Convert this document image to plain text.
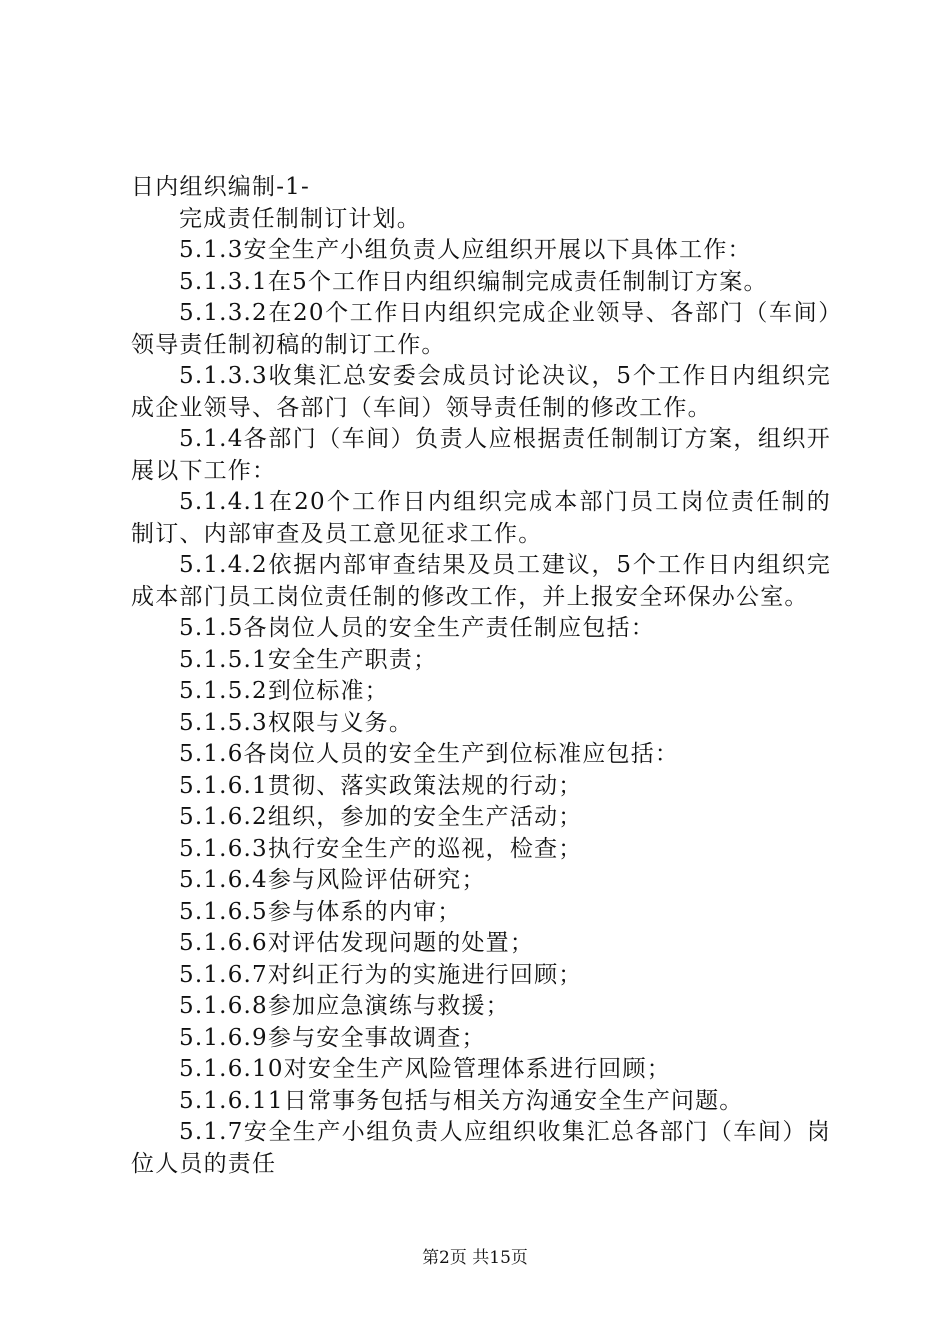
日内组织编制-1-

完成责任制制订计划。

5.1.3安全生产小组负责人应组织开展以下具体工作：

5.1.3.1在5个工作日内组织编制完成责任制制订方案。

5.1.3.2在20个工作日内组织完成企业领导、各部门（车间）领导责任制初稿的制订工作。

5.1.3.3收集汇总安委会成员讨论决议，5个工作日内组织完成企业领导、各部门（车间）领导责任制的修改工作。

5.1.4各部门（车间）负责人应根据责任制制订方案，组织开展以下工作：

5.1.4.1在20个工作日内组织完成本部门员工岗位责任制的制订、内部审查及员工意见征求工作。

5.1.4.2依据内部审查结果及员工建议，5个工作日内组织完成本部门员工岗位责任制的修改工作，并上报安全环保办公室。

5.1.5各岗位人员的安全生产责任制应包括：

5.1.5.1安全生产职责；

5.1.5.2到位标准；

5.1.5.3权限与义务。

5.1.6各岗位人员的安全生产到位标准应包括：

5.1.6.1贯彻、落实政策法规的行动；

5.1.6.2组织，参加的安全生产活动；

5.1.6.3执行安全生产的巡视，检查；

5.1.6.4参与风险评估研究；

5.1.6.5参与体系的内审；

5.1.6.6对评估发现问题的处置；

5.1.6.7对纠正行为的实施进行回顾；

5.1.6.8参加应急演练与救援；

5.1.6.9参与安全事故调查；

5.1.6.10对安全生产风险管理体系进行回顾；

5.1.6.11日常事务包括与相关方沟通安全生产问题。

5.1.7安全生产小组负责人应组织收集汇总各部门（车间）岗位人员的责任

第2页 共15页
